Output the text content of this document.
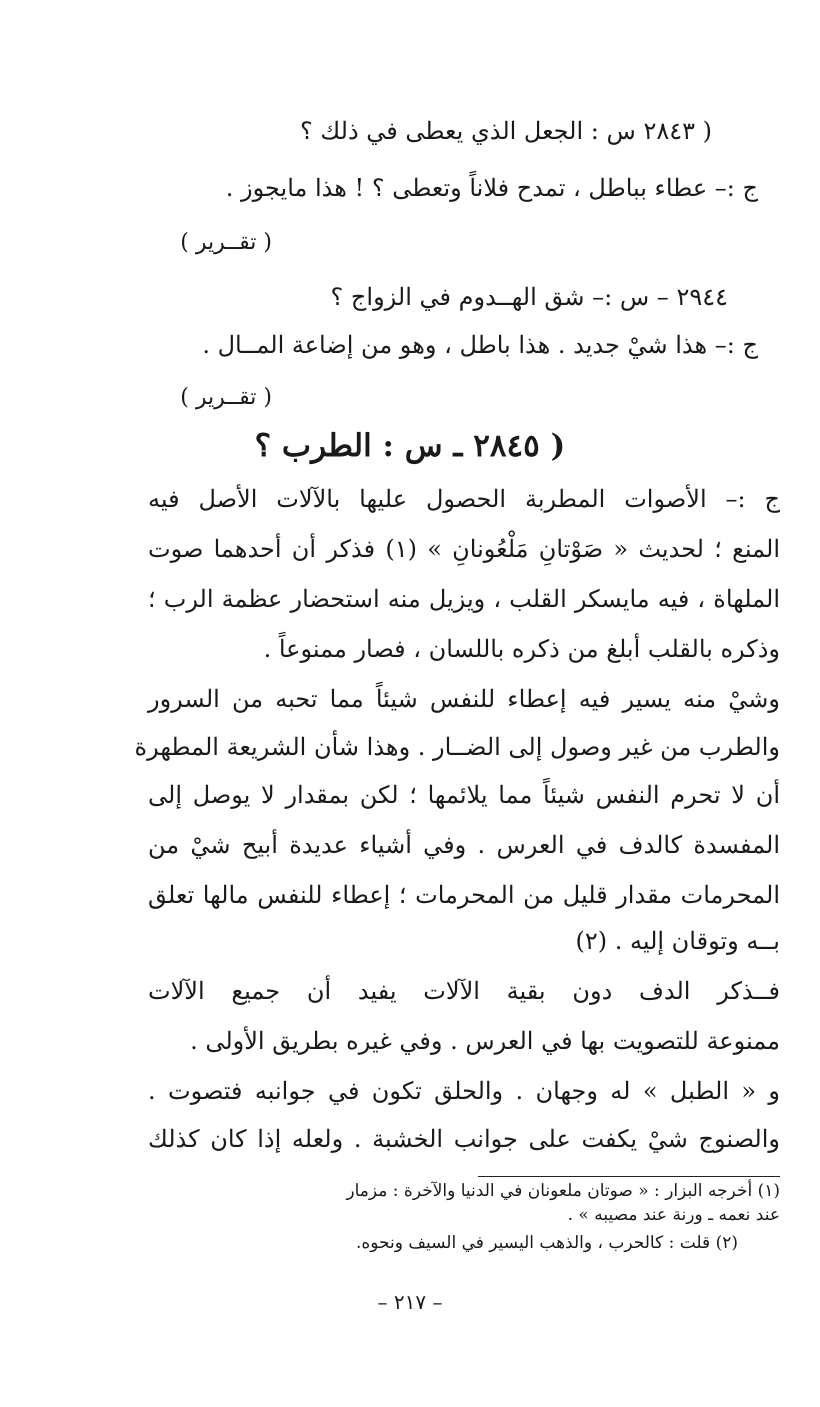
( ٢٨٤٣ س : الجعل الذي يعطى في ذلك ؟
ج :– عطاء بباطل ، تمدح فلاناً وتعطى ؟ ! هذا مايجوز .
( تقــرير )
٢٩٤٤ – س :– شق الهــدوم في الزواج ؟
ج :– هذا شيْ جديد . هذا باطل ، وهو من إضاعة المــال .
( تقــرير )
( ٢٨٤٥ ـ س : الطرب ؟
ج :– الأصوات المطربة الحصول عليها بالآلات الأصل فيه
المنع ؛ لحديث « صَوْتانِ مَلْعُونانِ » (١) فذكر أن أحدهما صوت
الملهاة ، فيه مايسكر القلب ، ويزيل منه استحضار عظمة الرب ؛
وذكره بالقلب أبلغ من ذكره باللسان ، فصار ممنوعاً .
وشيْ منه يسير فيه إعطاء للنفس شيئاً مما تحبه من السرور
والطرب من غير وصول إلى الضــار . وهذا شأن الشريعة المطهرة
أن لا تحرم النفس شيئاً مما يلائمها ؛ لكن بمقدار لا يوصل إلى
المفسدة كالدف في العرس . وفي أشياء عديدة أبيح شيْ من
المحرمات مقدار قليل من المحرمات ؛ إعطاء للنفس مالها تعلق
بــه وتوقان إليه . (٢)
فــذكر الدف دون بقية الآلات يفيد أن جميع الآلات
ممنوعة للتصويت بها في العرس . وفي غيره بطريق الأولى .
و « الطبل » له وجهان . والحلق تكون في جوانبه فتصوت .
والصنوج شيْ يكفت على جوانب الخشبة . ولعله إذا كان كذلك
(١) أخرجه البزار : « صوتان ملعونان في الدنيا والآخرة : مزمار
عند نعمه ـ ورنة عند مصيبه » .
(٢) قلت : كالحرب ، والذهب اليسير في السيف ونحوه.
– ٢١٧ –
